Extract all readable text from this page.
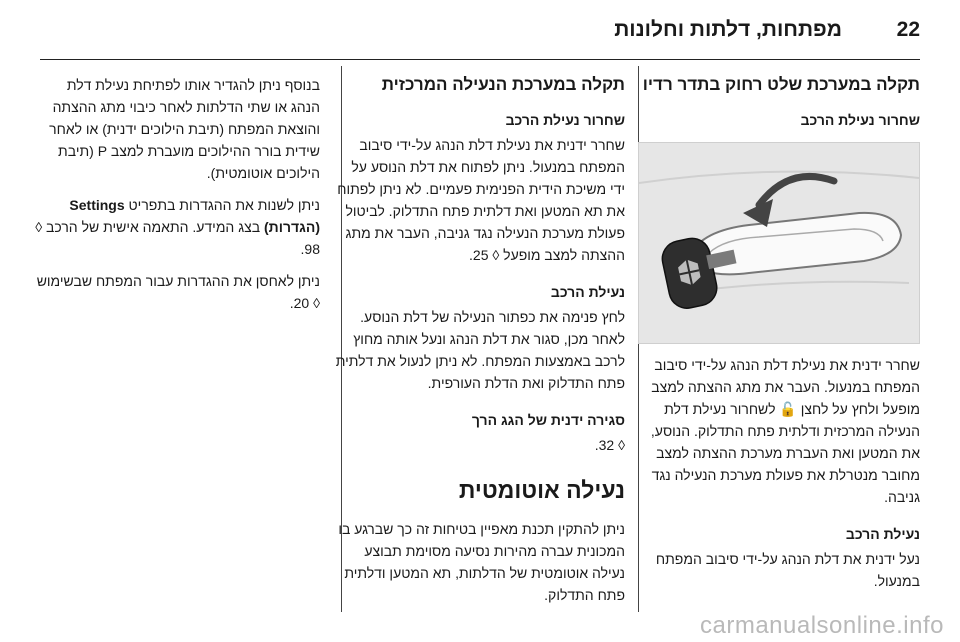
22
מפתחות, דלתות וחלונות
תקלה במערכת שלט רחוק בתדר רדיו
שחרור נעילת הרכב

שחרר ידנית את נעילת דלת הנהג על-ידי סיבוב המפתח במנעול. העבר את מתג ההצתה למצב מופעל ולחץ על לחצן 🔓 לשחרור נעילת דלת הנעילה המרכזית ודלתית פתח התדלוק. הנוסע, את המטען ואת העברת מערכת ההצתה למצב מחובר מנטרלת את פעולת מערכת הנעילה נגד גניבה.

נעילת הרכב

נעל ידנית את דלת הנהג על-ידי סיבוב המפתח במנעול.

תקלה במערכת הנעילה המרכזית
שחרור נעילת הרכב

שחרר ידנית את נעילת דלת הנהג על-ידי סיבוב המפתח במנעול. ניתן לפתוח את דלת הנוסע על ידי משיכת הידית הפנימית פעמיים. לא ניתן לפתוח את תא המטען ואת דלתית פתח התדלוק. לביטול פעולת מערכת הנעילה נגד גניבה, העבר את מתג ההצתה למצב מופעל ◊ 25.

נעילת הרכב

לחץ פנימה את כפתור הנעילה של דלת הנוסע. לאחר מכן, סגור את דלת הנהג ונעל אותה מחוץ לרכב באמצעות המפתח. לא ניתן לנעול את דלתית פתח התדלוק ואת הדלת העורפית.

סגירה ידנית של הגג הרך

◊ 32.

נעילה אוטומטית

ניתן להתקין תכנת מאפיין בטיחות זה כך שברגע בו המכונית עברה מהירות נסיעה מסוימת תבוצע נעילה אוטומטית של הדלתות, תא המטען ודלתית פתח התדלוק.

בנוסף ניתן להגדיר אותו לפתיחת נעילת דלת הנהג או שתי הדלתות לאחר כיבוי מתג ההצתה והוצאת המפתח (תיבת הילוכים ידנית) או לאחר שידית בורר ההילוכים מועברת למצב P (תיבת הילוכים אוטומטית).

ניתן לשנות את ההגדרות בתפריט Settings (הגדרות) בצג המידע. התאמה אישית של הרכב ◊ 98.

ניתן לאחסן את ההגדרות עבור המפתח שבשימוש ◊ 20.

carmanualsonline.info
